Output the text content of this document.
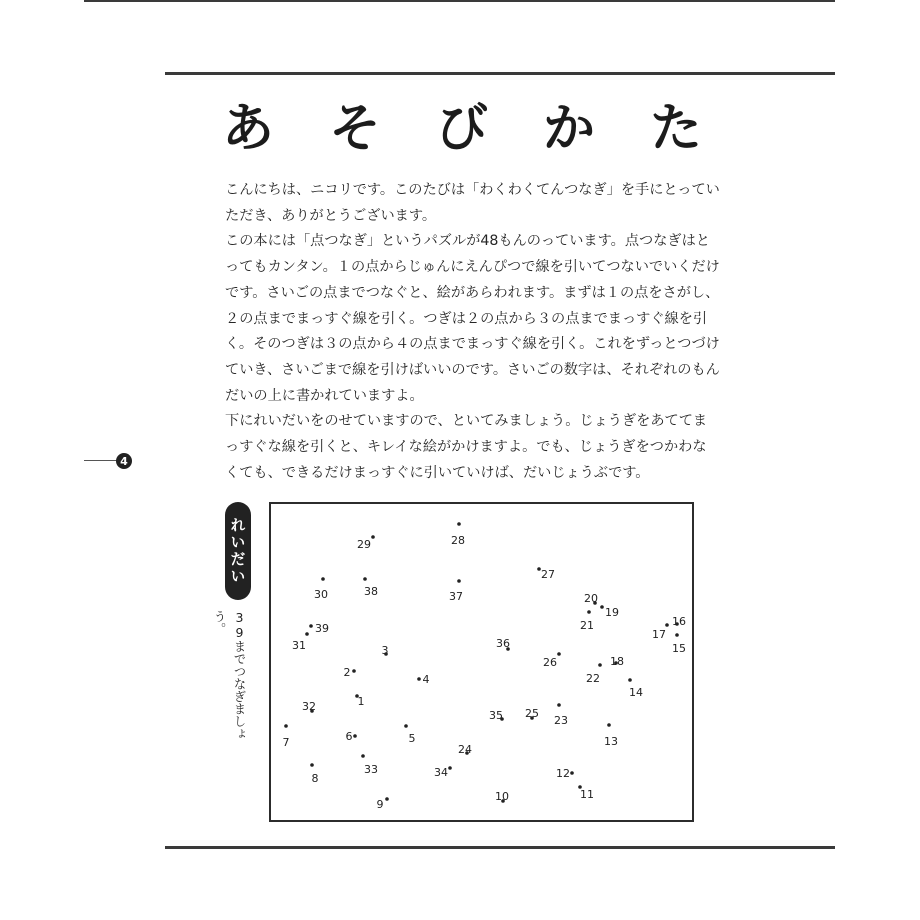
あ そ び か た

こんにちは、ニコリです。このたびは「わくわくてんつなぎ」を手にとっていただき、ありがとうございます。

この本には「点つなぎ」というパズルが48もんのっています。点つなぎはとってもカンタン。１の点からじゅんにえんぴつで線を引いてつないでいくだけです。さいごの点までつなぐと、絵があらわれます。まずは１の点をさがし、２の点までまっすぐ線を引く。つぎは２の点から３の点までまっすぐ線を引く。そのつぎは３の点から４の点までまっすぐ線を引く。これをずっとつづけていき、さいごまで線を引けばいいのです。さいごの数字は、それぞれのもんだいの上に書かれていますよ。

下にれいだいをのせていますので、といてみましょう。じょうぎをあててまっすぐな線を引くと、キレイな絵がかけますよ。でも、じょうぎをつかわなくても、できるだけまっすぐに引いていけば、だいじょうぶです。

4
れいだい
39までつなぎましょう。
1
2
3
4
5
6
7
8
9
10	11
12
13
14
15
16
17
18
19
20
21
22
23
24
25
26
27
28
29
30
31
32
33	34
35
36
37
38
39
